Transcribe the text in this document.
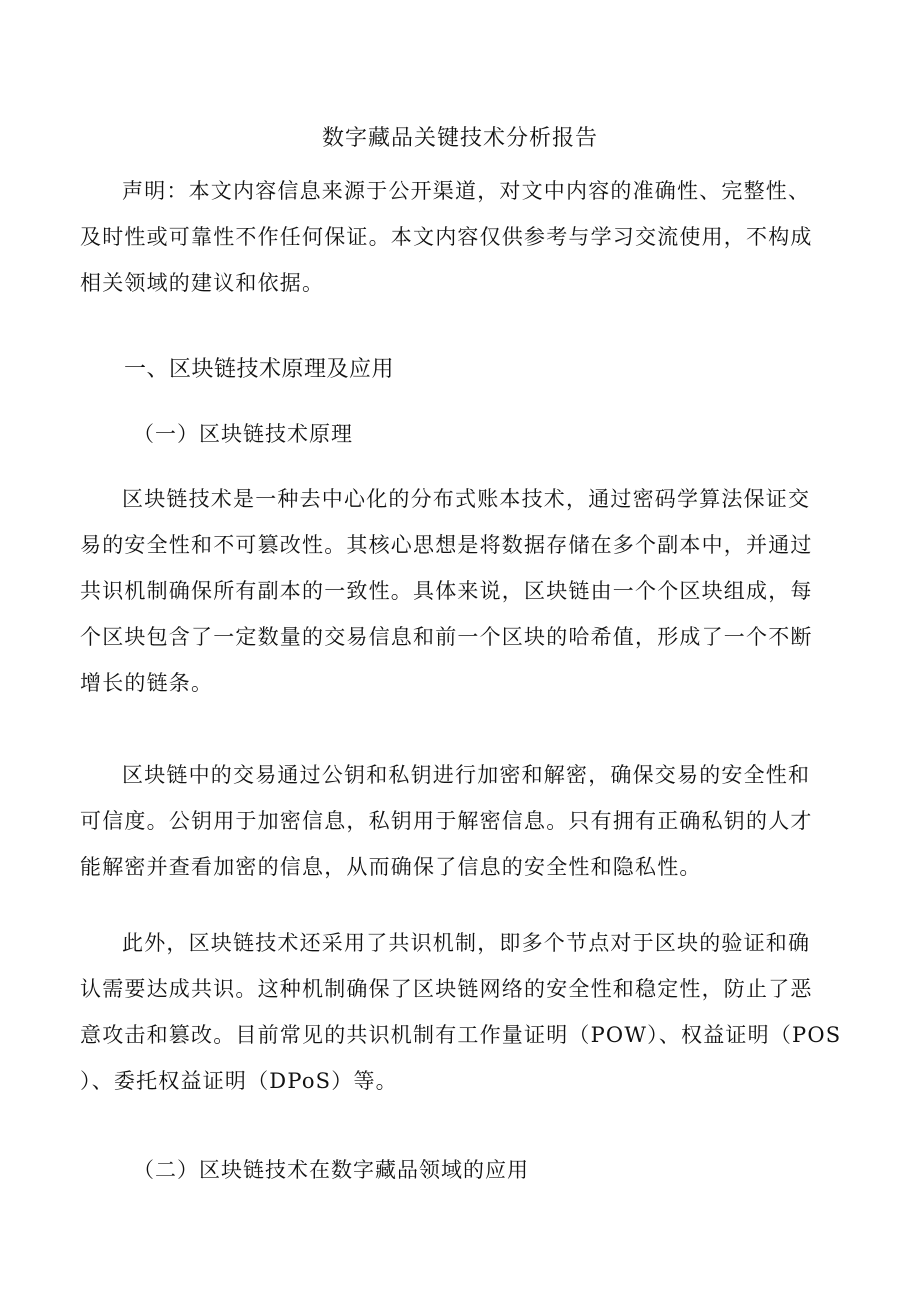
数字藏品关键技术分析报告

声明：本文内容信息来源于公开渠道，对文中内容的准确性、完整性、
及时性或可靠性不作任何保证。本文内容仅供参考与学习交流使用，不构成
相关领域的建议和依据。

一、区块链技术原理及应用
（一）区块链技术原理

区块链技术是一种去中心化的分布式账本技术，通过密码学算法保证交
易的安全性和不可篡改性。其核心思想是将数据存储在多个副本中，并通过
共识机制确保所有副本的一致性。具体来说，区块链由一个个区块组成，每
个区块包含了一定数量的交易信息和前一个区块的哈希值，形成了一个不断
增长的链条。

区块链中的交易通过公钥和私钥进行加密和解密，确保交易的安全性和
可信度。公钥用于加密信息，私钥用于解密信息。只有拥有正确私钥的人才
能解密并查看加密的信息，从而确保了信息的安全性和隐私性。

此外，区块链技术还采用了共识机制，即多个节点对于区块的验证和确
认需要达成共识。这种机制确保了区块链网络的安全性和稳定性，防止了恶
意攻击和篡改。目前常见的共识机制有工作量证明（POW）、权益证明（POS
）、委托权益证明（DPoS）等。

（二）区块链技术在数字藏品领域的应用
